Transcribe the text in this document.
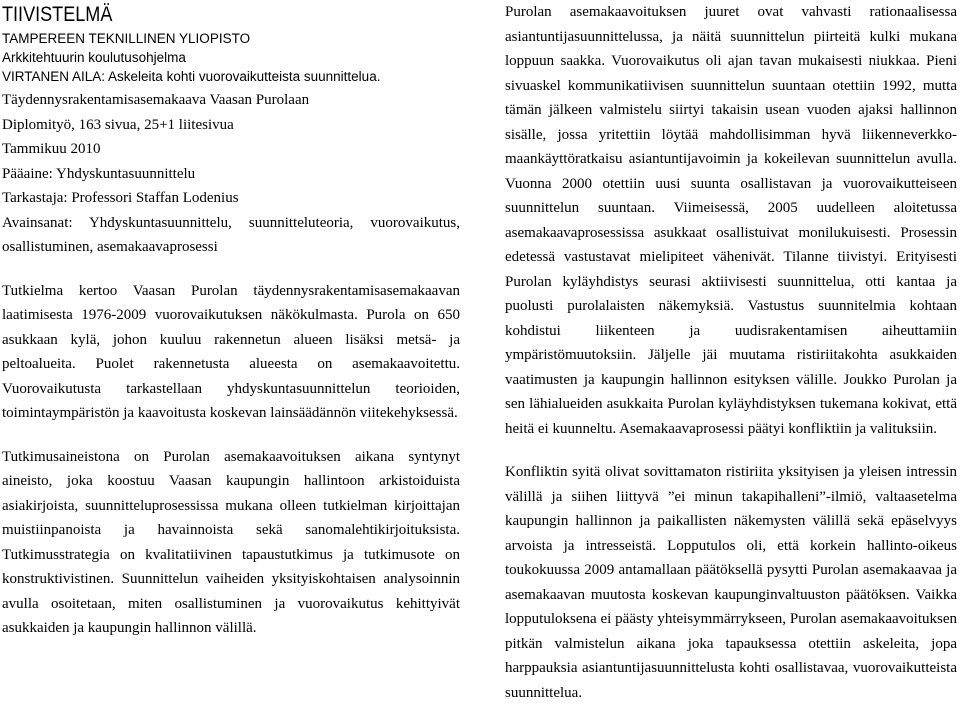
TIIVISTELMÄ
TAMPEREEN TEKNILLINEN YLIOPISTO
Arkkitehtuurin koulutusohjelma
VIRTANEN AILA: Askeleita kohti vuorovaikutteista suunnittelua.
Täydennysrakentamisasemakaava Vaasan Purolaan
Diplomityö, 163 sivua, 25+1 liitesivua
Tammikuu 2010
Pääaine: Yhdyskuntasuunnittelu
Tarkastaja: Professori Staffan Lodenius
Avainsanat: Yhdyskuntasuunnittelu, suunnitteluteoria, vuorovaikutus, osallistuminen, asemakaavaprosessi

Tutkielma kertoo Vaasan Purolan täydennysrakentamisasemakaavan laatimisesta 1976-2009 vuorovaikutuksen näkökulmasta. Purola on 650 asukkaan kylä, johon kuuluu rakennetun alueen lisäksi metsä- ja peltoalueita. Puolet rakennetusta alueesta on asemakaavoitettu. Vuorovaikutusta tarkastellaan yhdyskuntasuunnittelun teorioiden, toimintaympäristön ja kaavoitusta koskevan lainsäädännön viitekehyksessä.

Tutkimusaineistona on Purolan asemakaavoituksen aikana syntynyt aineisto, joka koostuu Vaasan kaupungin hallintoon arkistoiduista asiakirjoista, suunnitteluprosessissa mukana olleen tutkielman kirjoittajan muistiinpanoista ja havainnoista sekä sanomalehtikirjoituksista. Tutkimusstrategia on kvalitatiivinen tapaustutkimus ja tutkimusote on konstruktivistinen. Suunnittelun vaiheiden yksityiskohtaisen analysoinnin avulla osoitetaan, miten osallistuminen ja vuorovaikutus kehittyivät asukkaiden ja kaupungin hallinnon välillä.

Purolan asemakaavoituksen juuret ovat vahvasti rationaalisessa asiantuntijasuunnittelussa, ja näitä suunnittelun piirteitä kulki mukana loppuun saakka. Vuorovaikutus oli ajan tavan mukaisesti niukkaa. Pieni sivuaskel kommunikatiivisen suunnittelun suuntaan otettiin 1992, mutta tämän jälkeen valmistelu siirtyi takaisin usean vuoden ajaksi hallinnon sisälle, jossa yritettiin löytää mahdollisimman hyvä liikenneverkko-maankäyttöratkaisu asiantuntijavoimin ja kokeilevan suunnittelun avulla. Vuonna 2000 otettiin uusi suunta osallistavan ja vuorovaikutteiseen suunnittelun suuntaan. Viimeisessä, 2005 uudelleen aloitetussa asemakaavaprosessissa asukkaat osallistuivat monilukuisesti. Prosessin edetessä vastustavat mielipiteet vähenivät. Tilanne tiivistyi. Erityisesti Purolan kyläyhdistys seurasi aktiivisesti suunnittelua, otti kantaa ja puolusti purolalaisten näkemyksiä. Vastustus suunnitelmia kohtaan kohdistui liikenteen ja uudisrakentamisen aiheuttamiin ympäristömuutoksiin. Jäljelle jäi muutama ristiriitakohta asukkaiden vaatimusten ja kaupungin hallinnon esityksen välille. Joukko Purolan ja sen lähialueiden asukkaita Purolan kyläyhdistyksen tukemana kokivat, että heitä ei kuunneltu. Asemakaavaprosessi päätyi konfliktiin ja valituksiin.

Konfliktin syitä olivat sovittamaton ristiriita yksityisen ja yleisen intressin välillä ja siihen liittyvä ”ei minun takapihalleni”-ilmiö, valtaasetelma kaupungin hallinnon ja paikallisten näkemysten välillä sekä epäselvyys arvoista ja intresseistä. Lopputulos oli, että korkein hallinto-oikeus toukokuussa 2009 antamallaan päätöksellä pysytti Purolan asemakaavaa ja asemakaavan muutosta koskevan kaupunginvaltuuston päätöksen. Vaikka lopputuloksena ei päästy yhteisymmärrykseen, Purolan asemakaavoituksen pitkän valmistelun aikana joka tapauksessa otettiin askeleita, jopa harppauksia asiantuntijasuunnittelusta kohti osallistavaa, vuorovaikutteista suunnittelua.
